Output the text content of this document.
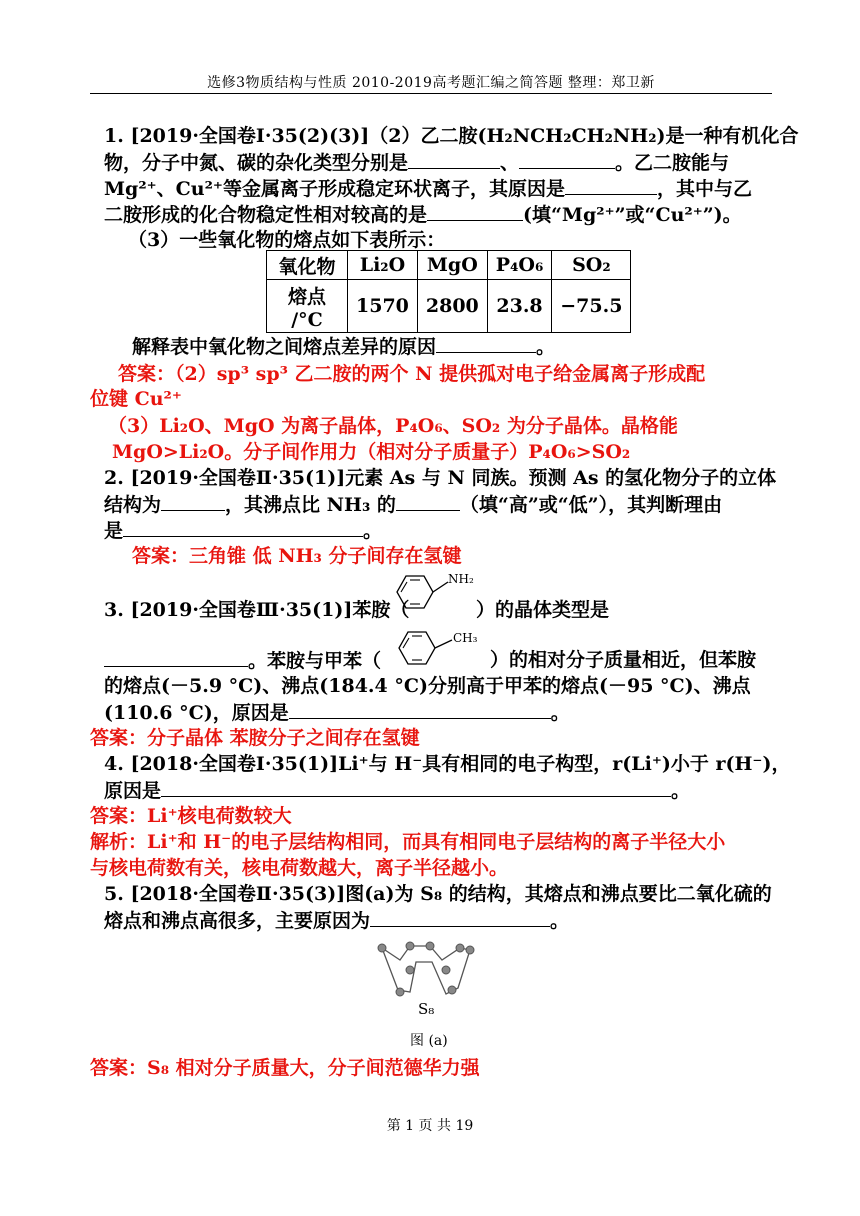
选修3物质结构与性质 2010-2019高考题汇编之简答题 整理：郑卫新
1. [2019·全国卷Ⅰ·35(2)(3)]（2）乙二胺(H₂NCH₂CH₂NH₂)是一种有机化合
物，分子中氮、碳的杂化类型分别是	、	。乙二胺能与
Mg²⁺、Cu²⁺等金属离子形成稳定环状离子，其原因是	，其中与乙
二胺形成的化合物稳定性相对较高的是	(填“Mg²⁺”或“Cu²⁺”)。
（3）一些氧化物的熔点如下表所示：
氧化物	Li₂O	MgO	P₄O₆	SO₂
熔点
/°C	1570	2800	23.8	−75.5
解释表中氧化物之间熔点差异的原因	。
答案：（2）sp³ sp³ 乙二胺的两个 N 提供孤对电子给金属离子形成配
位键 Cu²⁺
（3）Li₂O、MgO 为离子晶体，P₄O₆、SO₂ 为分子晶体。晶格能
MgO>Li₂O。分子间作用力（相对分子质量子）P₄O₆>SO₂
2. [2019·全国卷Ⅱ·35(1)]元素 As 与 N 同族。预测 As 的氢化物分子的立体
结构为	，其沸点比 NH₃ 的	（填“高”或“低”），其判断理由
是	。
答案：三角锥 低 NH₃ 分子间存在氢键
3. [2019·全国卷Ⅲ·35(1)]苯胺（
NH₂
）的晶体类型是
。苯胺与甲苯（
CH₃
）的相对分子质量相近，但苯胺
的熔点(－5.9 °C)、沸点(184.4 °C)分别高于甲苯的熔点(－95 °C)、沸点
(110.6 °C)，原因是	。
答案：分子晶体 苯胺分子之间存在氢键
4. [2018·全国卷Ⅰ·35(1)]Li⁺与 H⁻具有相同的电子构型，r(Li⁺)小于 r(H⁻)，
原因是	。
答案：Li⁺核电荷数较大
解析：Li⁺和 H⁻的电子层结构相同，而具有相同电子层结构的离子半径大小
与核电荷数有关，核电荷数越大，离子半径越小。
5. [2018·全国卷Ⅱ·35(3)]图(a)为 S₈ 的结构，其熔点和沸点要比二氧化硫的
熔点和沸点高很多，主要原因为	。
S₈
图 (a)
答案：S₈ 相对分子质量大，分子间范德华力强
第 1 页 共 19
